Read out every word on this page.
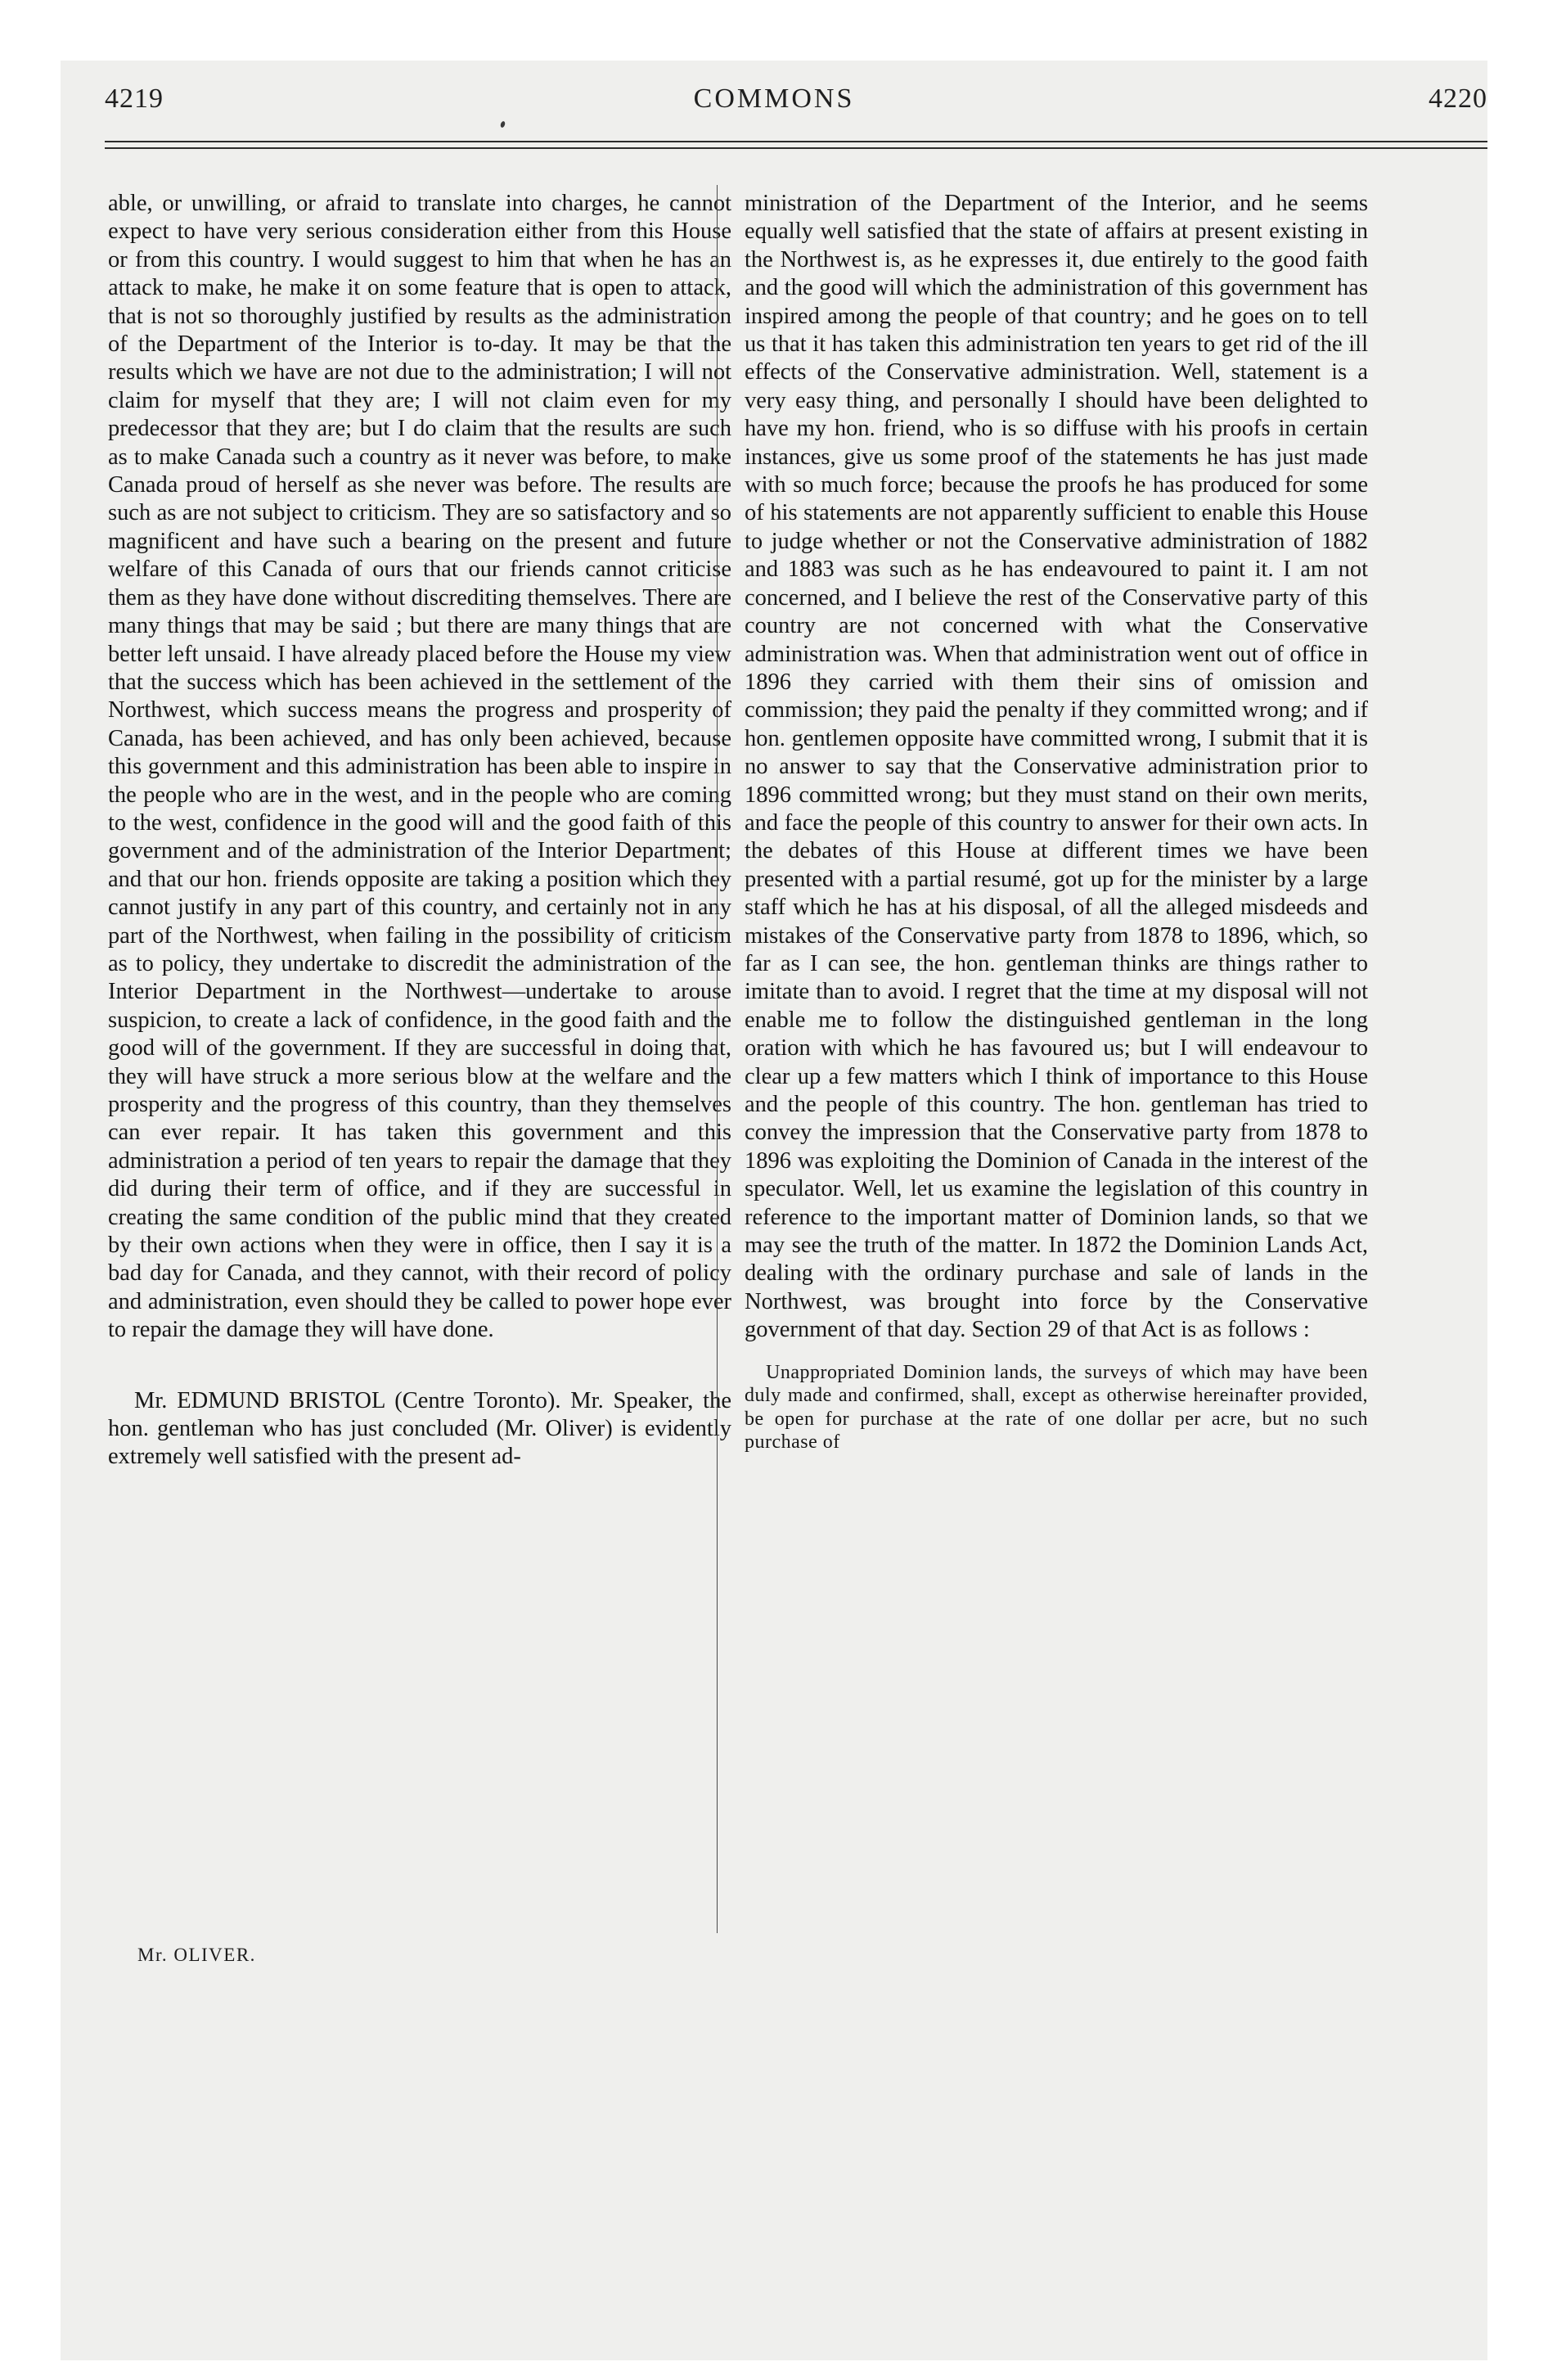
4219	COMMONS	4220

able, or unwilling, or afraid to translate into charges, he cannot expect to have very serious consideration either from this House or from this country. I would suggest to him that when he has an attack to make, he make it on some feature that is open to attack, that is not so thoroughly justified by results as the administration of the Department of the Interior is to-day. It may be that the results which we have are not due to the administration; I will not claim for myself that they are; I will not claim even for my predecessor that they are; but I do claim that the results are such as to make Canada such a country as it never was before, to make Canada proud of herself as she never was before. The results are such as are not subject to criticism. They are so satisfactory and so magnificent and have such a bearing on the present and future welfare of this Canada of ours that our friends cannot criticise them as they have done without discrediting themselves. There are many things that may be said ; but there are many things that are better left unsaid. I have already placed before the House my view that the success which has been achieved in the settlement of the Northwest, which success means the progress and prosperity of Canada, has been achieved, and has only been achieved, because this government and this administration has been able to inspire in the people who are in the west, and in the people who are coming to the west, confidence in the good will and the good faith of this government and of the administration of the Interior Department; and that our hon. friends opposite are taking a position which they cannot justify in any part of this country, and certainly not in any part of the Northwest, when failing in the possibility of criticism as to policy, they undertake to discredit the administration of the Interior Department in the Northwest—undertake to arouse suspicion, to create a lack of confidence, in the good faith and the good will of the government. If they are successful in doing that, they will have struck a more serious blow at the welfare and the prosperity and the progress of this country, than they themselves can ever repair. It has taken this government and this administration a period of ten years to repair the damage that they did during their term of office, and if they are successful in creating the same condition of the public mind that they created by their own actions when they were in office, then I say it is a bad day for Canada, and they cannot, with their record of policy and administration, even should they be called to power hope ever to repair the damage they will have done.

Mr. EDMUND BRISTOL (Centre Toronto). Mr. Speaker, the hon. gentleman who has just concluded (Mr. Oliver) is evidently extremely well satisfied with the present ad-

ministration of the Department of the Interior, and he seems equally well satisfied that the state of affairs at present existing in the Northwest is, as he expresses it, due entirely to the good faith and the good will which the administration of this government has inspired among the people of that country; and he goes on to tell us that it has taken this administration ten years to get rid of the ill effects of the Conservative administration. Well, statement is a very easy thing, and personally I should have been delighted to have my hon. friend, who is so diffuse with his proofs in certain instances, give us some proof of the statements he has just made with so much force; because the proofs he has produced for some of his statements are not apparently sufficient to enable this House to judge whether or not the Conservative administration of 1882 and 1883 was such as he has endeavoured to paint it. I am not concerned, and I believe the rest of the Conservative party of this country are not concerned with what the Conservative administration was. When that administration went out of office in 1896 they carried with them their sins of omission and commission; they paid the penalty if they committed wrong; and if hon. gentlemen opposite have committed wrong, I submit that it is no answer to say that the Conservative administration prior to 1896 committed wrong; but they must stand on their own merits, and face the people of this country to answer for their own acts. In the debates of this House at different times we have been presented with a partial resumé, got up for the minister by a large staff which he has at his disposal, of all the alleged misdeeds and mistakes of the Conservative party from 1878 to 1896, which, so far as I can see, the hon. gentleman thinks are things rather to imitate than to avoid. I regret that the time at my disposal will not enable me to follow the distinguished gentleman in the long oration with which he has favoured us; but I will endeavour to clear up a few matters which I think of importance to this House and the people of this country. The hon. gentleman has tried to convey the impression that the Conservative party from 1878 to 1896 was exploiting the Dominion of Canada in the interest of the speculator. Well, let us examine the legislation of this country in reference to the important matter of Dominion lands, so that we may see the truth of the matter. In 1872 the Dominion Lands Act, dealing with the ordinary purchase and sale of lands in the Northwest, was brought into force by the Conservative government of that day. Section 29 of that Act is as follows :

Unappropriated Dominion lands, the surveys of which may have been duly made and confirmed, shall, except as otherwise hereinafter provided, be open for purchase at the rate of one dollar per acre, but no such purchase of

Mr. OLIVER.
